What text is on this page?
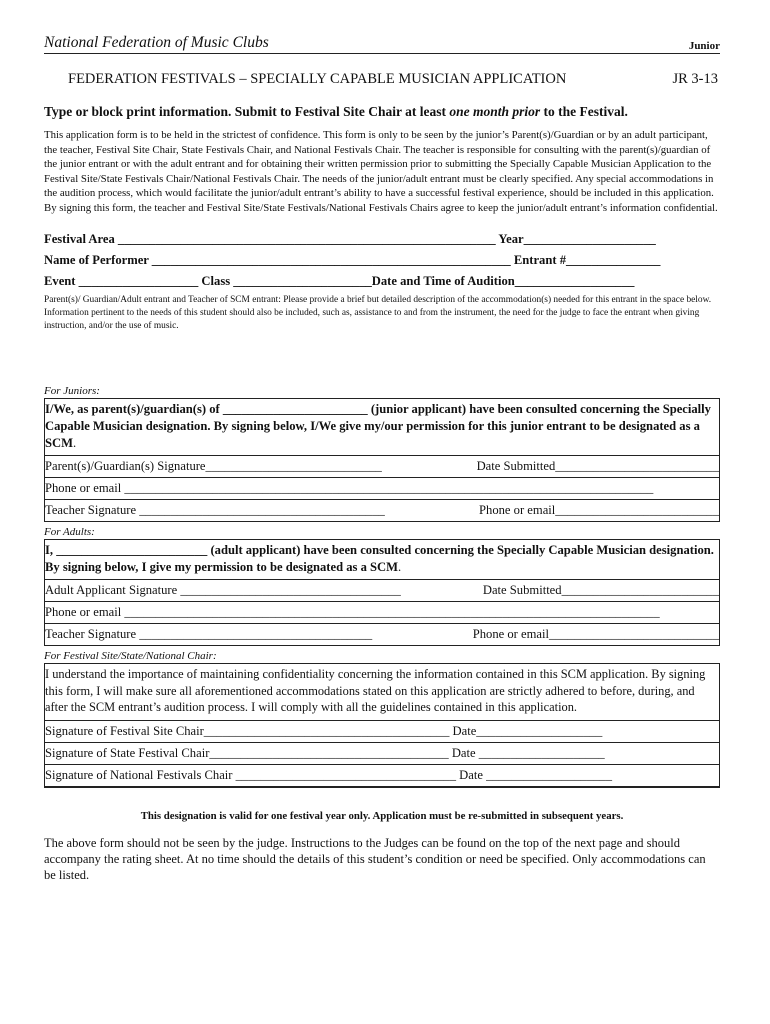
National Federation of Music Clubs	Junior
FEDERATION FESTIVALS – SPECIALLY CAPABLE MUSICIAN APPLICATION	JR 3-13
Type or block print information. Submit to Festival Site Chair at least one month prior to the Festival.
This application form is to be held in the strictest of confidence. This form is only to be seen by the junior’s Parent(s)/Guardian or by an adult participant, the teacher, Festival Site Chair, State Festivals Chair, and National Festivals Chair. The teacher is responsible for consulting with the parent(s)/guardian of the junior entrant or with the adult entrant and for obtaining their written permission prior to submitting the Specially Capable Musician Application to the Festival Site/State Festivals Chair/National Festivals Chair. The needs of the junior/adult entrant must be clearly specified. Any special accommodations in the audition process, which would facilitate the junior/adult entrant’s ability to have a successful festival experience, should be included in this application. By signing this form, the teacher and Festival Site/State Festivals/National Festivals Chairs agree to keep the junior/adult entrant’s information confidential.
Festival Area ____________________________________________________________ Year_____________________
Name of Performer _________________________________________________________ Entrant #_______________
Event ___________________ Class ______________________Date and Time of Audition___________________
Parent(s)/ Guardian/Adult entrant and Teacher of SCM entrant: Please provide a brief but detailed description of the accommodation(s) needed for this entrant in the space below. Information pertinent to the needs of this student should also be included, such as, assistance to and from the instrument, the need for the judge to face the entrant when giving instruction, and/or the use of music.
For Juniors:
I/We, as parent(s)/guardian(s) of _______________________ (junior applicant) have been consulted concerning the Specially Capable Musician designation. By signing below, I/We give my/our permission for this junior entrant to be designated as a SCM.
Parent(s)/Guardian(s) Signature____________________________	Date Submitted__________________________
Phone or email ____________________________________________________________________________________
Teacher Signature _______________________________________	Phone or email__________________________
For Adults:
I, ________________________ (adult applicant) have been consulted concerning the Specially Capable Musician designation. By signing below, I give my permission to be designated as a SCM.
Adult Applicant Signature ___________________________________	Date Submitted_________________________
Phone or email _____________________________________________________________________________________
Teacher Signature _____________________________________	Phone or email___________________________
For Festival Site/State/National Chair:
I understand the importance of maintaining confidentiality concerning the information contained in this SCM application. By signing this form, I will make sure all aforementioned accommodations stated on this application are strictly adhered to before, during, and after the SCM entrant’s audition process. I will comply with all the guidelines contained in this application.
Signature of Festival Site Chair_______________________________________ Date____________________
Signature of State Festival Chair______________________________________ Date ____________________
Signature of National Festivals Chair ___________________________________ Date ____________________
This designation is valid for one festival year only. Application must be re-submitted in subsequent years.
The above form should not be seen by the judge. Instructions to the Judges can be found on the top of the next page and should accompany the rating sheet. At no time should the details of this student’s condition or need be specified. Only accommodations can be listed.
